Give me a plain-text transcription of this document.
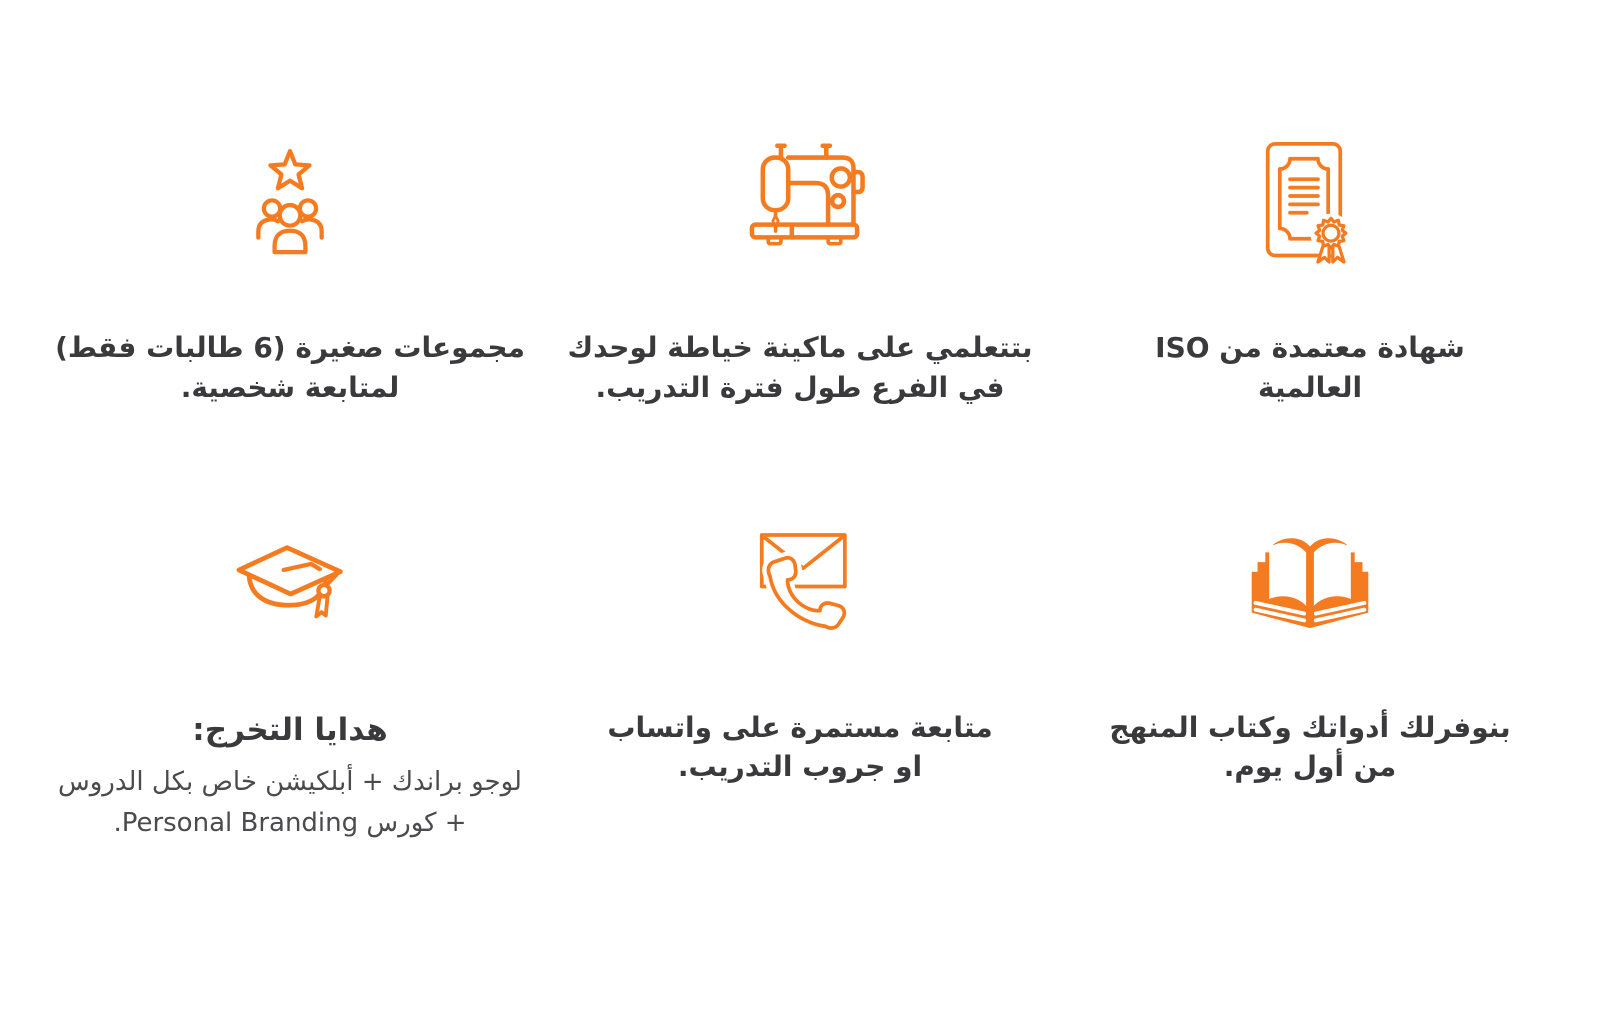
شهادة معتمدة من ISO
العالمية
بتتعلمي على ماكينة خياطة لوحدك
في الفرع طول فترة التدريب.
مجموعات صغيرة (6 طالبات فقط)
لمتابعة شخصية.
بنوفرلك أدواتك وكتاب المنهج
من أول يوم.
متابعة مستمرة على واتساب
او جروب التدريب.
هدايا التخرج:
لوجو براندك + أبلكيشن خاص بكل الدروس
+ كورس Personal Branding.
